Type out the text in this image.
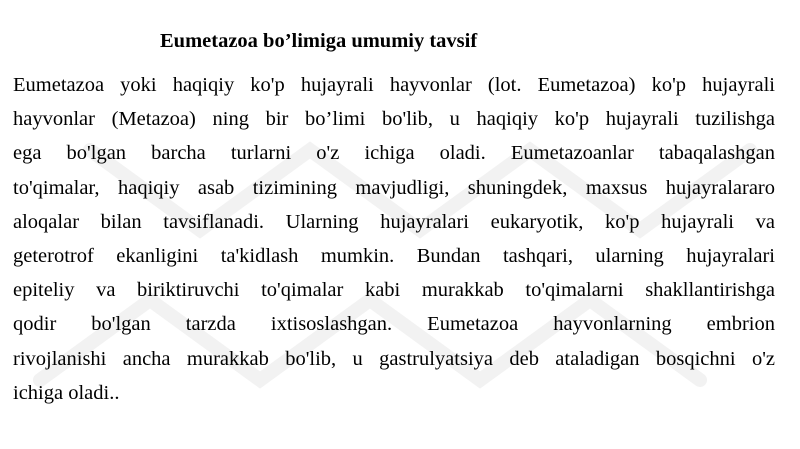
Eumetazoa bo’limiga umumiy tavsif
Eumetazoa yoki haqiqiy ko'p hujayrali hayvonlar (lot. Eumetazoa) ko'p hujayrali
hayvonlar (Metazoa) ning bir bo’limi bo'lib, u haqiqiy ko'p hujayrali tuzilishga
ega bo'lgan barcha turlarni o'z ichiga oladi. Eumetazoanlar tabaqalashgan
to'qimalar, haqiqiy asab tizimining mavjudligi, shuningdek, maxsus hujayralararo
aloqalar bilan tavsiflanadi. Ularning hujayralari eukaryotik, ko'p hujayrali va
geterotrof ekanligini ta'kidlash mumkin. Bundan tashqari, ularning hujayralari
epiteliy va biriktiruvchi to'qimalar kabi murakkab to'qimalarni shakllantirishga
qodir bo'lgan tarzda ixtisoslashgan. Eumetazoa hayvonlarning embrion
rivojlanishi ancha murakkab bo'lib, u gastrulyatsiya deb ataladigan bosqichni o'z
ichiga oladi..
